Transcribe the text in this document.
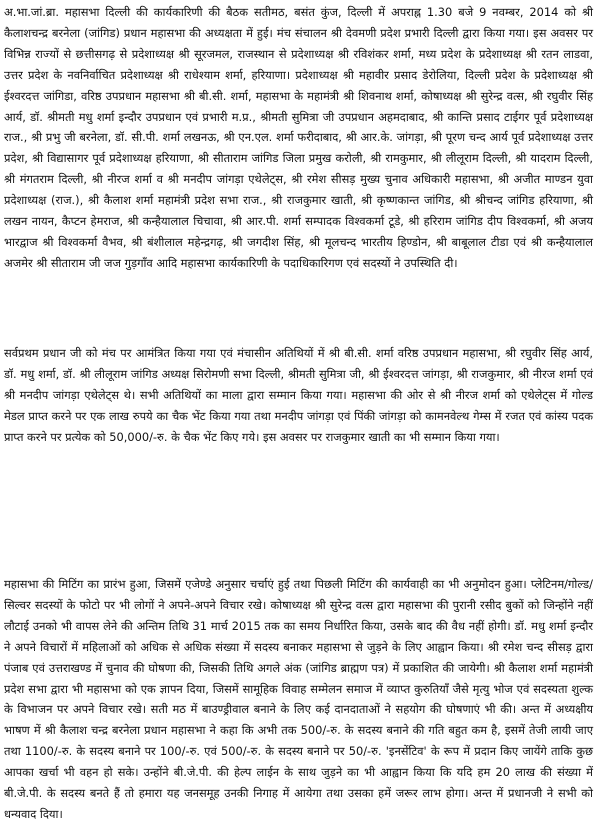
अ.भा.जां.ब्रा. महासभा दिल्ली की कार्यकारिणी की बैठक सतीमठ, बसंत कुंज, दिल्ली में अपराह्न 1.30 बजे 9 नवम्बर, 2014 को श्री कैलाशचन्द्र बरनेला (जांगिड) प्रधान महासभा की अध्यक्षता में हुई। मंच संचालन श्री देवमणी प्रदेश प्रभारी दिल्ली द्वारा किया गया। इस अवसर पर विभिन्न राज्यों से छत्तीसगढ़ से प्रदेशाध्यक्ष श्री सूरजमल, राजस्थान से प्रदेशाध्यक्ष श्री रविशंकर शर्मा, मध्य प्रदेश के प्रदेशाध्यक्ष श्री रतन लाडवा, उत्तर प्रदेश के नवनिर्वाचित प्रदेशाध्यक्ष श्री राधेश्याम शर्मा, हरियाणा। प्रदेशाध्यक्ष श्री महावीर प्रसाद डेरोलिया, दिल्ली प्रदेश के प्रदेशाध्यक्ष श्री ईश्वरदत्त जांगिडा, वरिष्ठ उपप्रधान महासभा श्री बी.सी. शर्मा, महासभा के महामंत्री श्री शिवनाथ शर्मा, कोषाध्यक्ष श्री सुरेन्द्र वत्स, श्री रघुवीर सिंह आर्य, डॉ. श्रीमती मधु शर्मा इन्दौर उपप्रधान एवं प्रभारी म.प्र., श्रीमती सुमित्रा जी उपप्रधान अहमदाबाद, श्री कान्ति प्रसाद टाईगर पूर्व प्रदेशाध्यक्ष राज., श्री प्रभु जी बरनेला, डॉ. सी.पी. शर्मा लखनऊ, श्री एन.एल. शर्मा फरीदाबाद, श्री आर.के. जांगड़ा, श्री पूरण चन्द आर्य पूर्व प्रदेशाध्यक्ष उत्तर प्रदेश, श्री विद्यासागर पूर्व प्रदेशाध्यक्ष हरियाणा, श्री सीताराम जांगिड जिला प्रमुख करोली, श्री रामकुमार, श्री लीलूराम दिल्ली, श्री यादराम दिल्ली, श्री मंगतराम दिल्ली, श्री नीरज शर्मा व श्री मनदीप जांगड़ा एथेलेट्स, श्री रमेश सीसड़ मुख्य चुनाव अधिकारी महासभा, श्री अजीत माण्डन युवा प्रदेशाध्यक्ष (राज.), श्री कैलाश शर्मा महामंत्री प्रदेश सभा राज., श्री राजकुमार खाती, श्री कृष्णकान्त जांगिड, श्री श्रीचन्द जांगिड हरियाणा, श्री लखन नायन, कैप्टन हेमराज, श्री कन्हैयालाल चिचावा, श्री आर.पी. शर्मा सम्पादक विश्वकर्मा टूडे, श्री हरिराम जांगिड दीप विश्वकर्मा, श्री अजय भारद्वाज श्री विश्वकर्मा वैभव, श्री बंशीलाल महेन्द्रगढ़, श्री जगदीश सिंह, श्री मूलचन्द भारतीय हिण्डोन, श्री बाबूलाल टीडा एवं श्री कन्हैयालाल अजमेर श्री सीताराम जी जज गुड़गाँव आदि महासभा कार्यकारिणी के पदाधिकारिगण एवं सदस्यों ने उपस्थिति दी।

सर्वप्रथम प्रधान जी को मंच पर आमंत्रित किया गया एवं मंचासीन अतिथियों में श्री बी.सी. शर्मा वरिष्ठ उपप्रधान महासभा, श्री रघुवीर सिंह आर्य, डॉ. मधु शर्मा, डॉ. श्री लीलूराम जांगिड अध्यक्ष सिरोमणी सभा दिल्ली, श्रीमती सुमित्रा जी, श्री ईश्वरदत्त जांगड़ा, श्री राजकुमार, श्री नीरज शर्मा एवं श्री मनदीप जांगड़ा एथेलेट्स थे। सभी अतिथियों का माला द्वारा सम्मान किया गया। महासभा की ओर से श्री नीरज शर्मा को एथेलेट्स में गोल्ड मेडल प्राप्त करने पर एक लाख रुपये का चैक भेंट किया गया तथा मनदीप जांगड़ा एवं पिंकी जांगड़ा को कामनवेल्थ गेम्स में रजत एवं कांस्य पदक प्राप्त करने पर प्रत्येक को 50,000/-रु. के चैक भेंट किए गये। इस अवसर पर राजकुमार खाती का भी सम्मान किया गया।

महासभा की मिटिंग का प्रारंभ हुआ, जिसमें एजेण्डे अनुसार चर्चाएं हुई तथा पिछली मिटिंग की कार्यवाही का भी अनुमोदन हुआ। प्लेटिनम/गोल्ड/सिल्वर सदस्यों के फोटो पर भी लोगों ने अपने-अपने विचार रखे। कोषाध्यक्ष श्री सुरेन्द्र वत्स द्वारा महासभा की पुरानी रसीद बुकों को जिन्होंने नहीं लौटाई उनको भी वापस लेने की अन्तिम तिथि 31 मार्च 2015 तक का समय निर्धारित किया, उसके बाद की वैध नहीं होगी। डॉ. मधु शर्मा इन्दौर ने अपने विचारों में महिलाओं को अधिक से अधिक संख्या में सदस्य बनाकर महासभा से जुड़ने के लिए आह्वान किया। श्री रमेश चन्द सीसड़ द्वारा पंजाब एवं उत्तराखण्ड में चुनाव की घोषणा की, जिसकी तिथि अगले अंक (जांगिड ब्राह्मण पत्र) में प्रकाशित की जायेगी। श्री कैलाश शर्मा महामंत्री प्रदेश सभा द्वारा भी महासभा को एक ज्ञापन दिया, जिसमें सामूहिक विवाह सम्मेलन समाज में व्याप्त कुरुतियाँ जैसे मृत्यु भोज एवं सदस्यता शुल्क के विभाजन पर अपने विचार रखे। सती मठ में बाउण्ड्रीवाल बनाने के लिए कई दानदाताओं ने सहयोग की घोषणाएं भी की। अन्त में अध्यक्षीय भाषण में श्री कैलाश चन्द्र बरनेला प्रधान महासभा ने कहा कि अभी तक 500/-रु. के सदस्य बनाने की गति बहुत कम है, इसमें तेजी लायी जाए तथा 1100/-रु. के सदस्य बनाने पर 100/-रु. एवं 500/-रु. के सदस्य बनाने पर 50/-रु. 'इनसेंटिव' के रूप में प्रदान किए जायेंगे ताकि कुछ आपका खर्चा भी वहन हो सके। उन्होंने बी.जे.पी. की हेल्प लाईन के साथ जुड़ने का भी आह्वान किया कि यदि हम 20 लाख की संख्या में बी.जे.पी. के सदस्य बनते हैं तो हमारा यह जनसमूह उनकी निगाह में आयेगा तथा उसका हमें जरूर लाभ होगा। अन्त में प्रधानजी ने सभी को धन्यवाद दिया।
